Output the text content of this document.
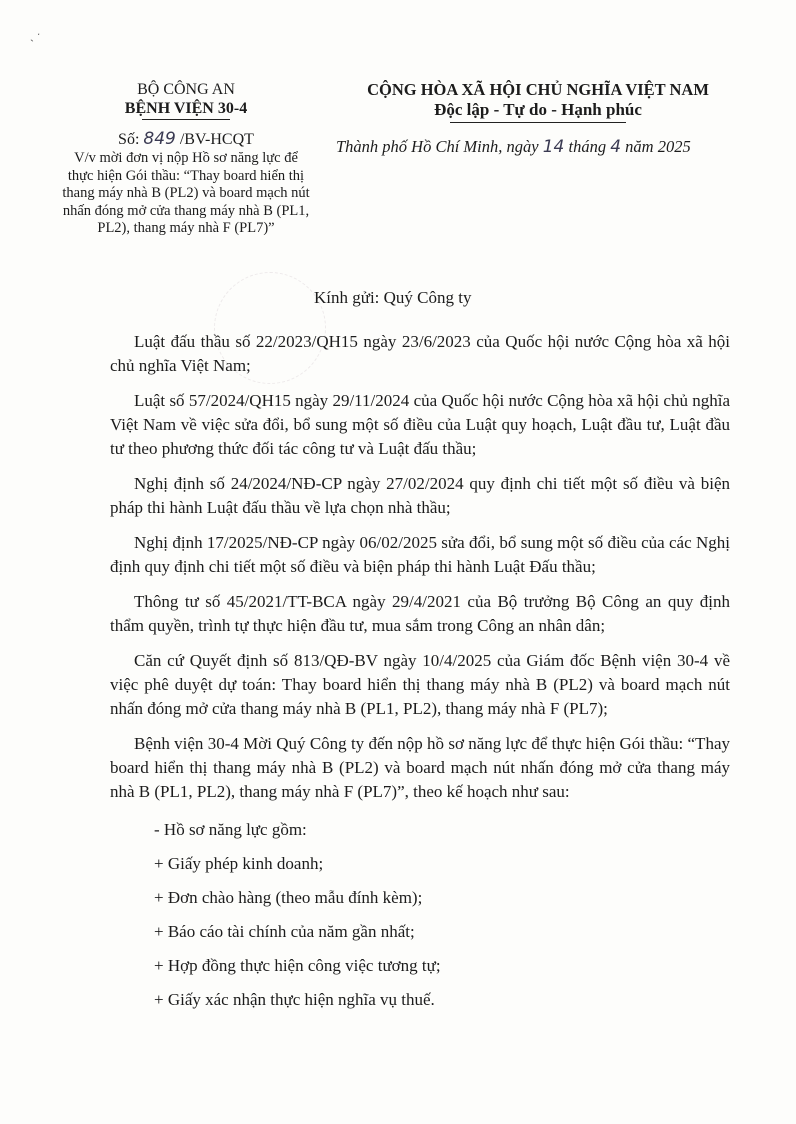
ˏ ˑ
BỘ CÔNG AN
BỆNH VIỆN 30-4
Số: 849 /BV-HCQT
V/v mời đơn vị nộp Hồ sơ năng lực để thực hiện Gói thầu: “Thay board hiển thị thang máy nhà B (PL2) và board mạch nút nhấn đóng mở cửa thang máy nhà B (PL1, PL2), thang máy nhà F (PL7)”
CỘNG HÒA XÃ HỘI CHỦ NGHĨA VIỆT NAM
Độc lập - Tự do - Hạnh phúc
Thành phố Hồ Chí Minh, ngày 14 tháng 4 năm 2025
Kính gửi: Quý Công ty

Luật đấu thầu số 22/2023/QH15 ngày 23/6/2023 của Quốc hội nước Cộng hòa xã hội chủ nghĩa Việt Nam;

Luật số 57/2024/QH15 ngày 29/11/2024 của Quốc hội nước Cộng hòa xã hội chủ nghĩa Việt Nam về việc sửa đổi, bổ sung một số điều của Luật quy hoạch, Luật đầu tư, Luật đầu tư theo phương thức đối tác công tư và Luật đấu thầu;

Nghị định số 24/2024/NĐ-CP ngày 27/02/2024 quy định chi tiết một số điều và biện pháp thi hành Luật đấu thầu về lựa chọn nhà thầu;

Nghị định 17/2025/NĐ-CP ngày 06/02/2025 sửa đổi, bổ sung một số điều của các Nghị định quy định chi tiết một số điều và biện pháp thi hành Luật Đấu thầu;

Thông tư số 45/2021/TT-BCA ngày 29/4/2021 của Bộ trưởng Bộ Công an quy định thẩm quyền, trình tự thực hiện đầu tư, mua sắm trong Công an nhân dân;

Căn cứ Quyết định số 813/QĐ-BV ngày 10/4/2025 của Giám đốc Bệnh viện 30-4 về việc phê duyệt dự toán: Thay board hiển thị thang máy nhà B (PL2) và board mạch nút nhấn đóng mở cửa thang máy nhà B (PL1, PL2), thang máy nhà F (PL7);

Bệnh viện 30-4 Mời Quý Công ty đến nộp hồ sơ năng lực để thực hiện Gói thầu: “Thay board hiển thị thang máy nhà B (PL2) và board mạch nút nhấn đóng mở cửa thang máy nhà B (PL1, PL2), thang máy nhà F (PL7)”, theo kế hoạch như sau:

- Hồ sơ năng lực gồm:
+ Giấy phép kinh doanh;
+ Đơn chào hàng (theo mẫu đính kèm);
+ Báo cáo tài chính của năm gần nhất;
+ Hợp đồng thực hiện công việc tương tự;
+ Giấy xác nhận thực hiện nghĩa vụ thuế.
